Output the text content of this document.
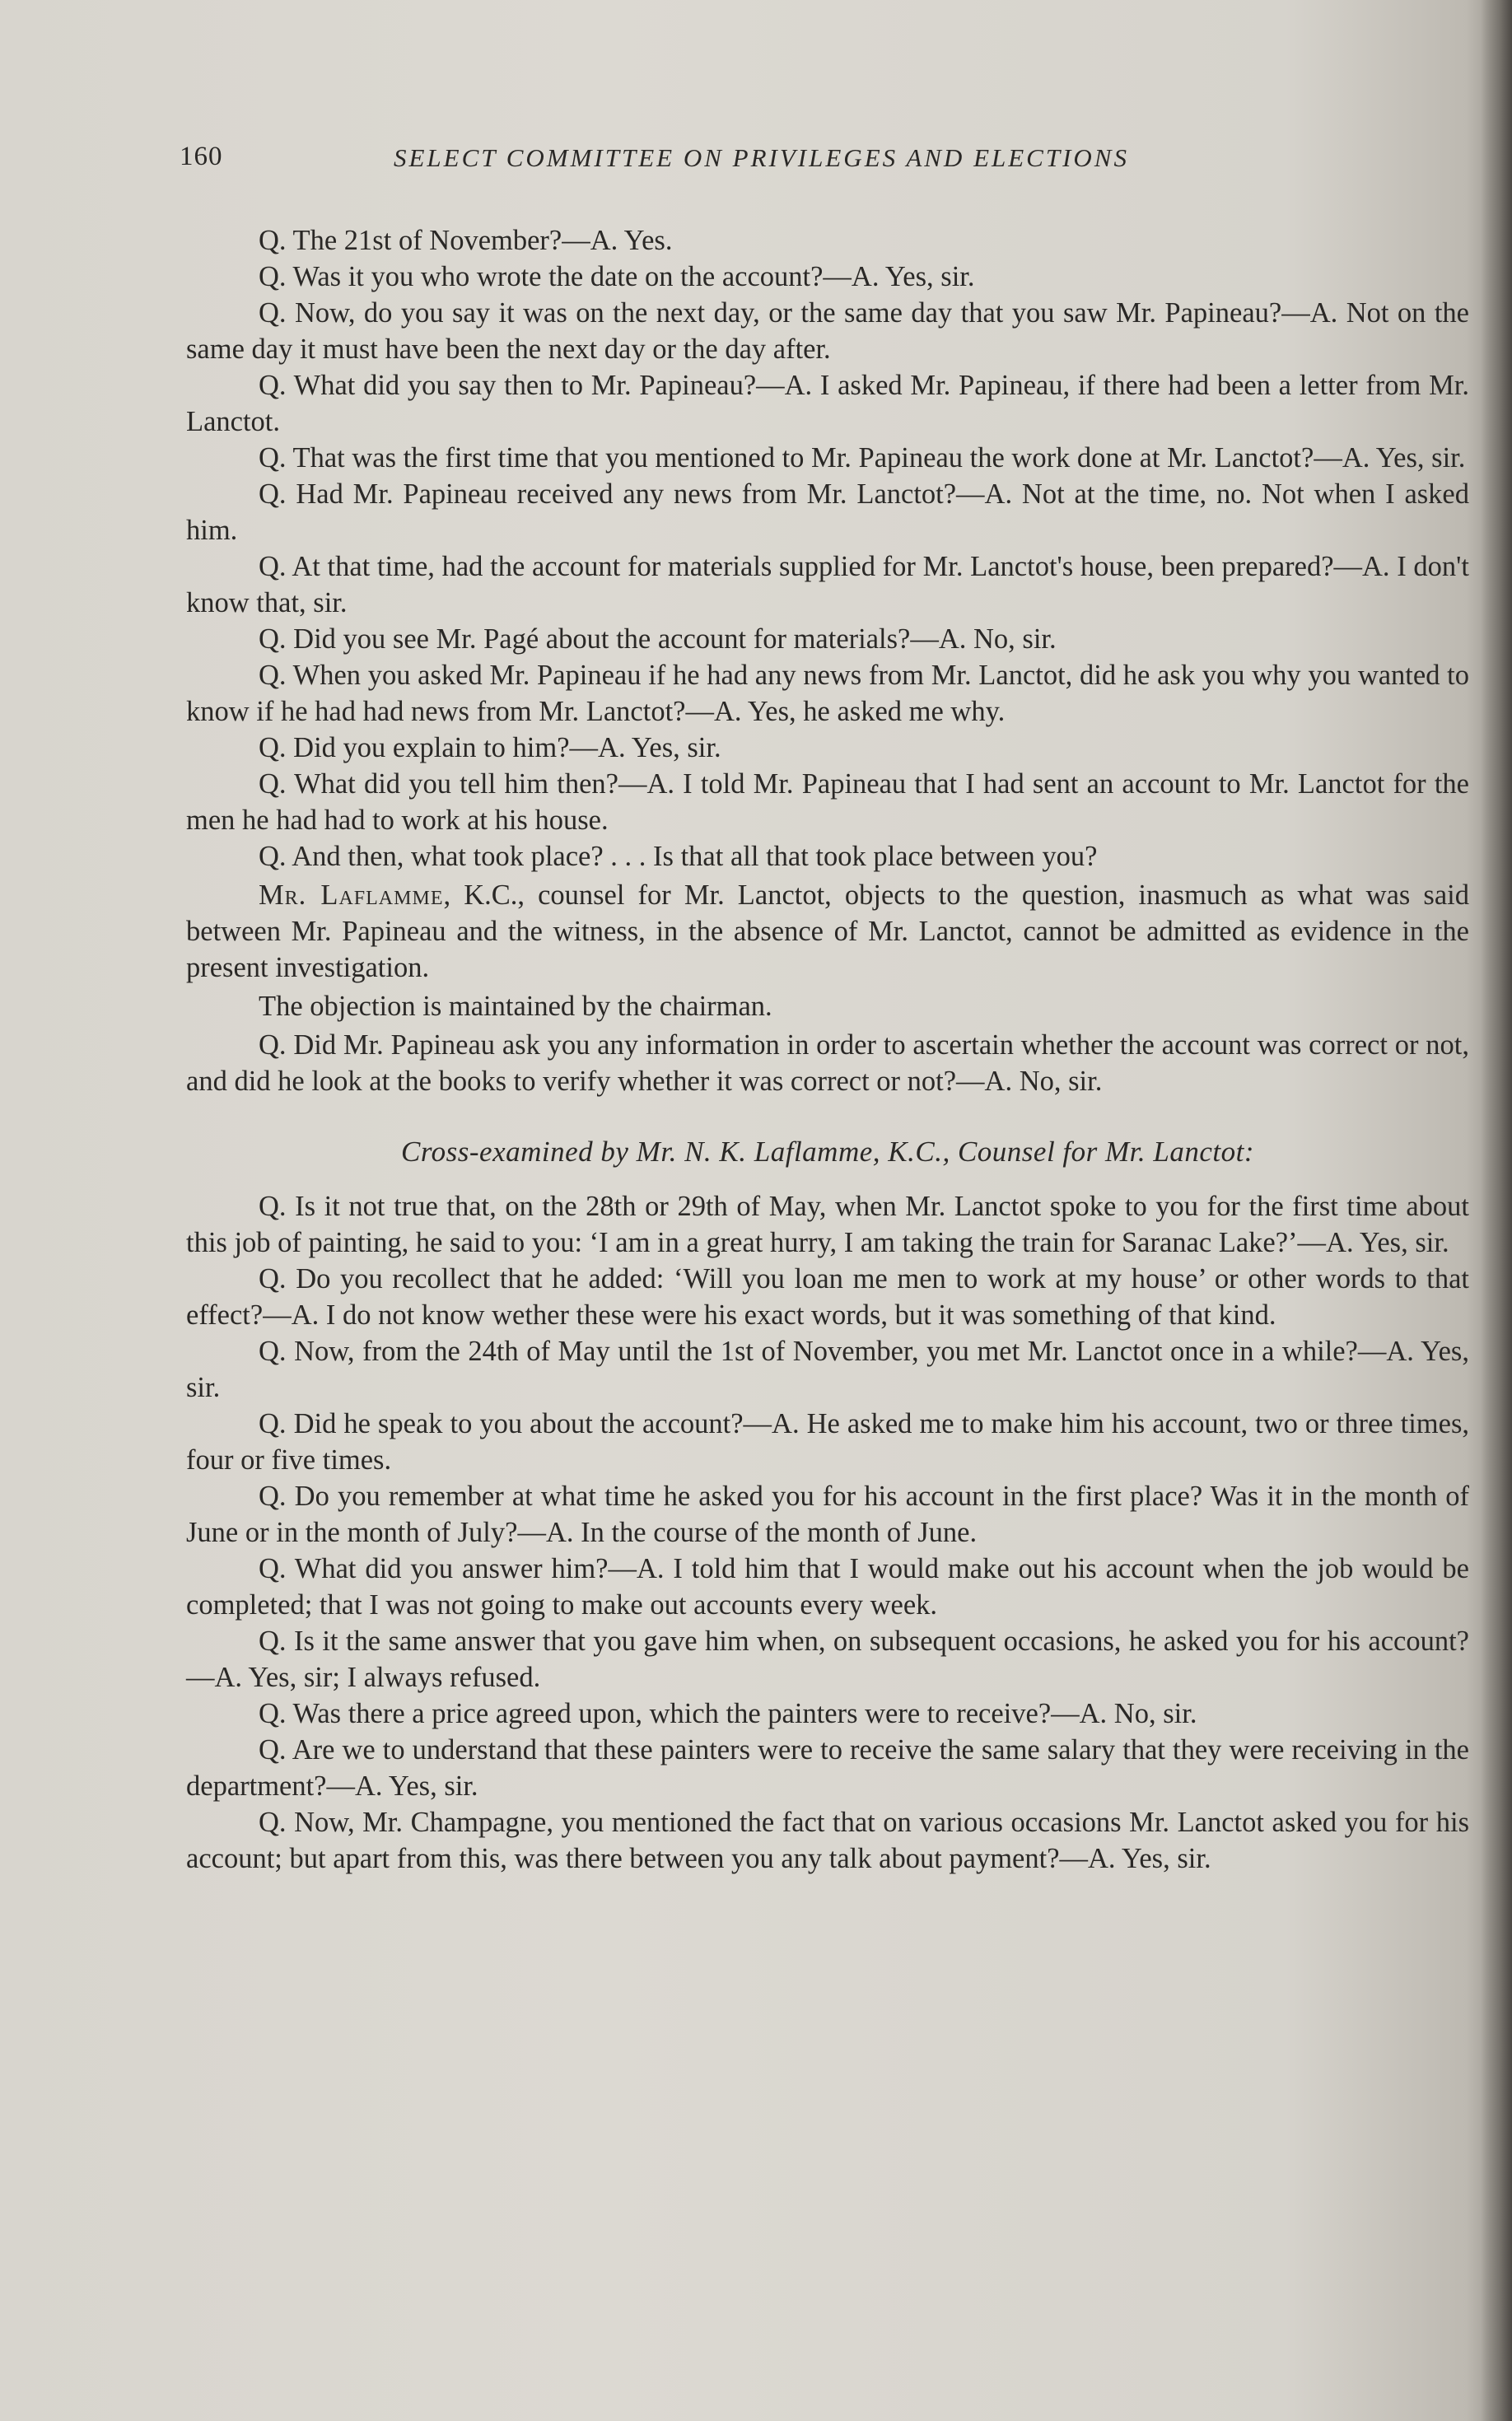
160	SELECT COMMITTEE ON PRIVILEGES AND ELECTIONS

Q. The 21st of November?—A. Yes.

Q. Was it you who wrote the date on the account?—A. Yes, sir.

Q. Now, do you say it was on the next day, or the same day that you saw Mr. Papineau?—A. Not on the same day it must have been the next day or the day after.

Q. What did you say then to Mr. Papineau?—A. I asked Mr. Papineau, if there had been a letter from Mr. Lanctot.

Q. That was the first time that you mentioned to Mr. Papineau the work done at Mr. Lanctot?—A. Yes, sir.

Q. Had Mr. Papineau received any news from Mr. Lanctot?—A. Not at the time, no. Not when I asked him.

Q. At that time, had the account for materials supplied for Mr. Lanctot's house, been prepared?—A. I don't know that, sir.

Q. Did you see Mr. Pagé about the account for materials?—A. No, sir.

Q. When you asked Mr. Papineau if he had any news from Mr. Lanctot, did he ask you why you wanted to know if he had had news from Mr. Lanctot?—A. Yes, he asked me why.

Q. Did you explain to him?—A. Yes, sir.

Q. What did you tell him then?—A. I told Mr. Papineau that I had sent an account to Mr. Lanctot for the men he had had to work at his house.

Q. And then, what took place? . . . Is that all that took place between you?

Mr. Laflamme, K.C., counsel for Mr. Lanctot, objects to the question, inasmuch as what was said between Mr. Papineau and the witness, in the absence of Mr. Lanctot, cannot be admitted as evidence in the present investigation.

The objection is maintained by the chairman.

Q. Did Mr. Papineau ask you any information in order to ascertain whether the account was correct or not, and did he look at the books to verify whether it was correct or not?—A. No, sir.

Cross-examined by Mr. N. K. Laflamme, K.C., Counsel for Mr. Lanctot:

Q. Is it not true that, on the 28th or 29th of May, when Mr. Lanctot spoke to you for the first time about this job of painting, he said to you: ‘I am in a great hurry, I am taking the train for Saranac Lake?’—A. Yes, sir.

Q. Do you recollect that he added: ‘Will you loan me men to work at my house’ or other words to that effect?—A. I do not know wether these were his exact words, but it was something of that kind.

Q. Now, from the 24th of May until the 1st of November, you met Mr. Lanctot once in a while?—A. Yes, sir.

Q. Did he speak to you about the account?—A. He asked me to make him his account, two or three times, four or five times.

Q. Do you remember at what time he asked you for his account in the first place? Was it in the month of June or in the month of July?—A. In the course of the month of June.

Q. What did you answer him?—A. I told him that I would make out his account when the job would be completed; that I was not going to make out accounts every week.

Q. Is it the same answer that you gave him when, on subsequent occasions, he asked you for his account?—A. Yes, sir; I always refused.

Q. Was there a price agreed upon, which the painters were to receive?—A. No, sir.

Q. Are we to understand that these painters were to receive the same salary that they were receiving in the department?—A. Yes, sir.

Q. Now, Mr. Champagne, you mentioned the fact that on various occasions Mr. Lanctot asked you for his account; but apart from this, was there between you any talk about payment?—A. Yes, sir.
